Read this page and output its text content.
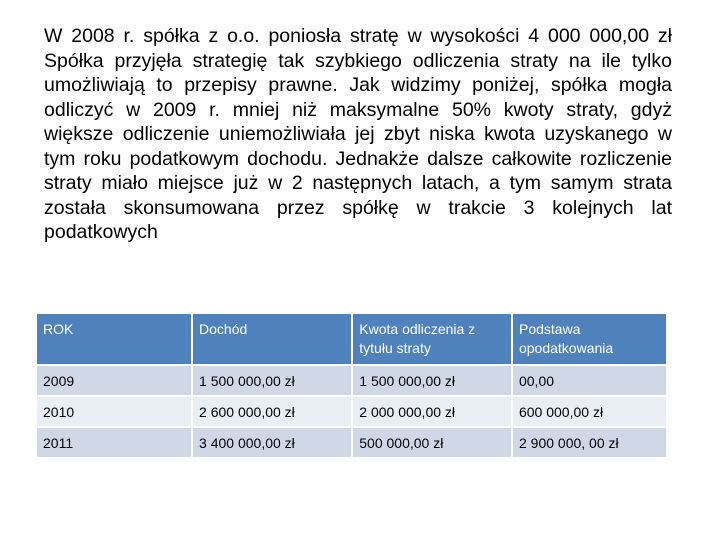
W 2008 r. spółka z o.o. poniosła stratę w wysokości 4 000 000,00 zł Spółka przyjęła strategię tak szybkiego odliczenia straty na ile tylko umożliwiają to przepisy prawne. Jak widzimy poniżej, spółka mogła odliczyć w 2009 r. mniej niż maksymalne 50% kwoty straty, gdyż większe odliczenie uniemożliwiała jej zbyt niska kwota uzyskanego w tym roku podatkowym dochodu. Jednakże dalsze całkowite rozliczenie straty miało miejsce już w 2 następnych latach, a tym samym strata została skonsumowana przez spółkę w trakcie 3 kolejnych lat podatkowych

ROK	Dochód	Kwota odliczenia z tytułu straty	Podstawa opodatkowania
2009	1 500 000,00 zł	1 500 000,00 zł	00,00
2010	2 600 000,00 zł	2 000 000,00 zł	600 000,00 zł
2011	3 400 000,00 zł	500 000,00 zł	2 900 000, 00 zł
